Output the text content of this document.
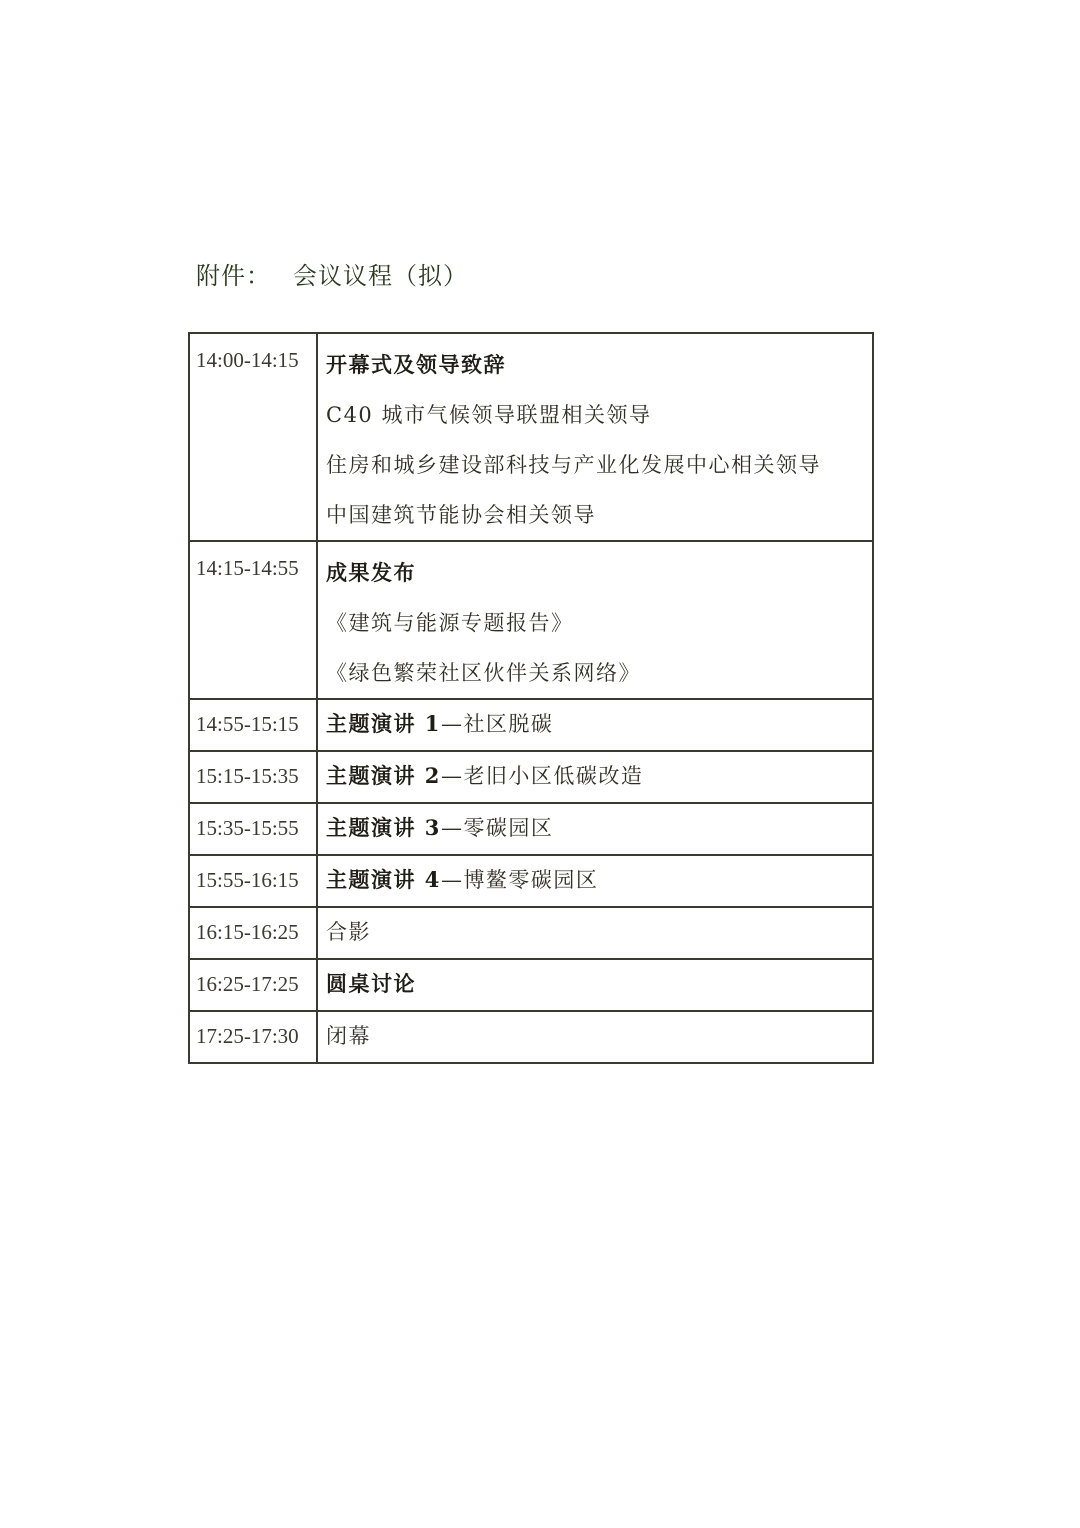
附件： 会议议程（拟）
14:00-14:15	开幕式及领导致辞
C40 城市气候领导联盟相关领导
住房和城乡建设部科技与产业化发展中心相关领导
中国建筑节能协会相关领导

14:15-14:55	成果发布
《建筑与能源专题报告》
《绿色繁荣社区伙伴关系网络》

14:55-15:15	主题演讲 1—社区脱碳

15:15-15:35	主题演讲 2—老旧小区低碳改造

15:35-15:55	主题演讲 3—零碳园区

15:55-16:15	主题演讲 4—博鳌零碳园区

16:15-16:25	合影

16:25-17:25	圆桌讨论

17:25-17:30	闭幕
